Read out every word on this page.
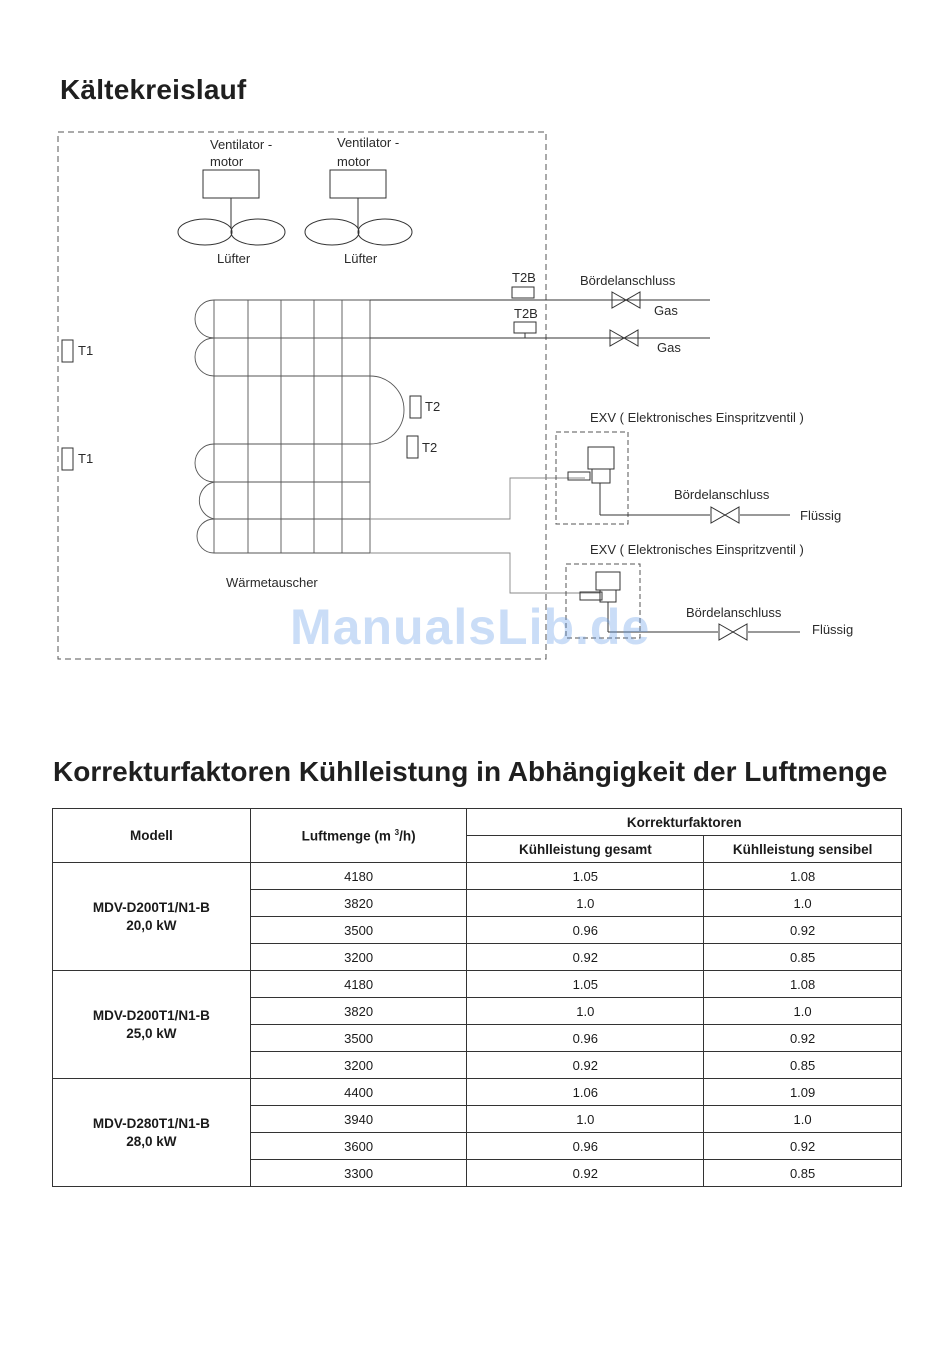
Kältekreislauf
Ventilator -
motor
Lüfter
Ventilator -
motor
Lüfter
Wärmetauscher
T2B
T2B
Bördelanschluss
Gas
Gas
T1
T1
T2
T2
EXV ( Elektronisches Einspritzventil )
Bördelanschluss
Flüssig
EXV ( Elektronisches Einspritzventil )
Bördelanschluss
Flüssig
ManualsLib.de
Korrekturfaktoren Kühlleistung in Abhängigkeit der Luftmenge
Modell	Luftmenge (m $^3$/h)	Korrekturfaktoren	
		Kühlleistung gesamt	Kühlleistung sensibel

MDV-D200T1/N1-B
20,0 kW	4180	1.05	1.08
	3820	1.0	1.0
	3500	0.96	0.92
	3200	0.92	0.85

MDV-D200T1/N1-B
25,0 kW	4180	1.05	1.08
	3820	1.0	1.0
	3500	0.96	0.92
	3200	0.92	0.85

MDV-D280T1/N1-B
28,0 kW	4400	1.06	1.09
	3940	1.0	1.0
	3600	0.96	0.92
	3300	0.92	0.85
